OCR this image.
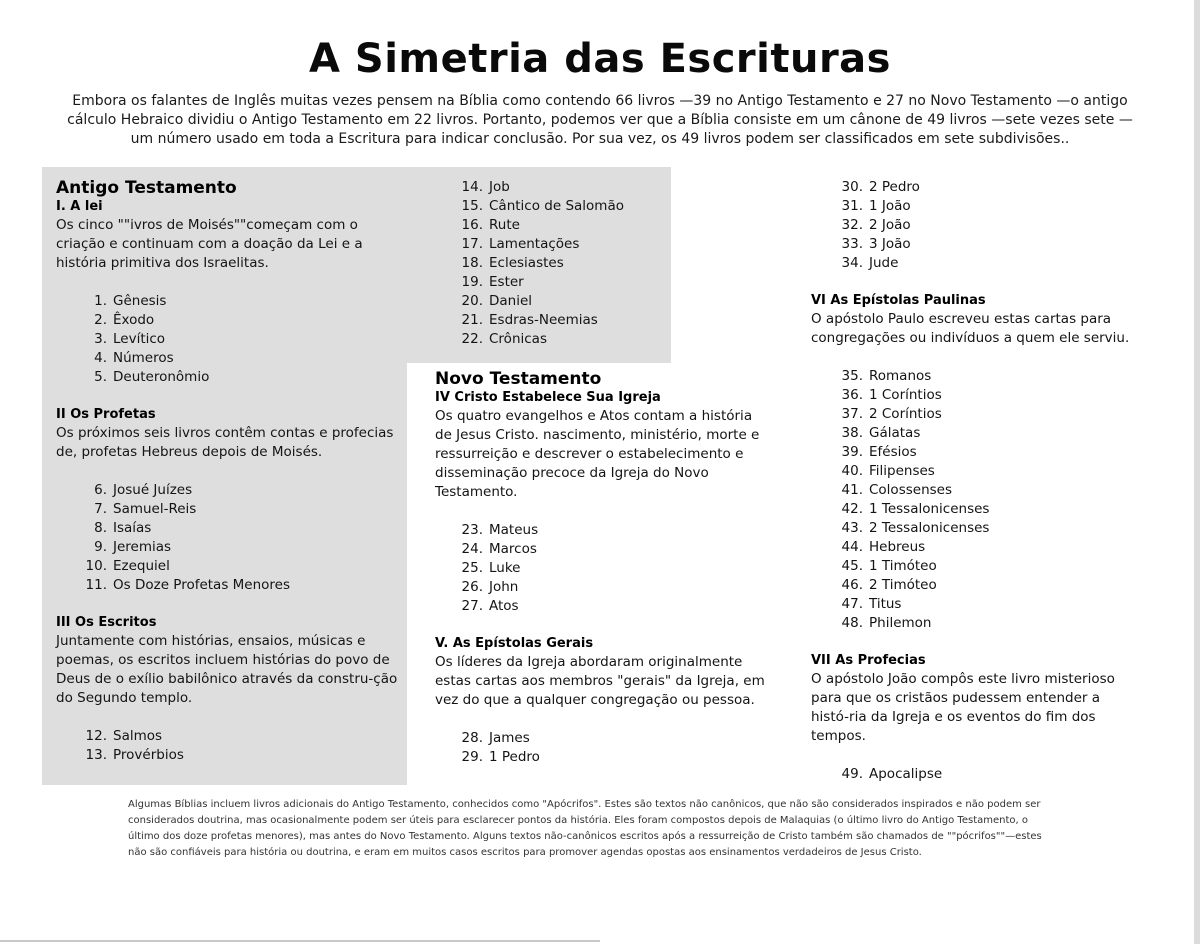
A Simetria das Escrituras

Embora os falantes de Inglês muitas vezes pensem na Bíblia como contendo 66 livros —39 no Antigo Testamento e 27 no Novo Testamento —o antigo cálculo Hebraico dividiu o Antigo Testamento em 22 livros. Portanto, podemos ver que a Bíblia consiste em um cânone de 49 livros —sete vezes sete —um número usado em toda a Escritura para indicar conclusão. Por sua vez, os 49 livros podem ser classificados em sete subdivisões..

Antigo Testamento
I. A lei

Os cinco ""ivros de Moisés""começam com o criação e continuam com a doação da Lei e a história primitiva dos Israelitas.

1. Gênesis
2. Êxodo
3. Levítico
4. Números
5. Deuteronômio
II Os Profetas

Os próximos seis livros contêm contas e profecias de, profetas Hebreus depois de Moisés.

6. Josué Juízes
7. Samuel-Reis
8. Isaías
9. Jeremias
10. Ezequiel
11. Os Doze Profetas Menores
III Os Escritos

Juntamente com histórias, ensaios, músicas e poemas, os escritos incluem histórias do povo de Deus de o exílio babilônico através da constru-ção do Segundo templo.

12. Salmos
13. Provérbios
14. Job
15. Cântico de Salomão
16. Rute
17. Lamentações
18. Eclesiastes
19. Ester
20. Daniel
21. Esdras-Neemias
22. Crônicas
Novo Testamento
IV Cristo Estabelece Sua Igreja

Os quatro evangelhos e Atos contam a história de Jesus Cristo. nascimento, ministério, morte e ressurreição e descrever o estabelecimento e disseminação precoce da Igreja do Novo Testamento.

23. Mateus
24. Marcos
25. Luke
26. John
27. Atos
V. As Epístolas Gerais

Os líderes da Igreja abordaram originalmente estas cartas aos membros "gerais" da Igreja, em vez do que a qualquer congregação ou pessoa.

28. James
29. 1 Pedro
30. 2 Pedro
31. 1 João
32. 2 João
33. 3 João
34. Jude
VI As Epístolas Paulinas

O apóstolo Paulo escreveu estas cartas para congregações ou indivíduos a quem ele serviu.

35. Romanos
36. 1 Coríntios
37. 2 Coríntios
38. Gálatas
39. Efésios
40. Filipenses
41. Colossenses
42. 1 Tessalonicenses
43. 2 Tessalonicenses
44. Hebreus
45. 1 Timóteo
46. 2 Timóteo
47. Titus
48. Philemon
VII As Profecias

O apóstolo João compôs este livro misterioso para que os cristãos pudessem entender a histó-ria da Igreja e os eventos do fim dos tempos.

49. Apocalipse

Algumas Bíblias incluem livros adicionais do Antigo Testamento, conhecidos como "Apócrifos". Estes são textos não canônicos, que não são considerados inspirados e não podem ser considerados doutrina, mas ocasionalmente podem ser úteis para esclarecer pontos da história. Eles foram compostos depois de Malaquias (o último livro do Antigo Testamento, o último dos doze profetas menores), mas antes do Novo Testamento. Alguns textos não-canônicos escritos após a ressurreição de Cristo também são chamados de ""pócrifos""—estes não são confiáveis para história ou doutrina, e eram em muitos casos escritos para promover agendas opostas aos ensinamentos verdadeiros de Jesus Cristo.
